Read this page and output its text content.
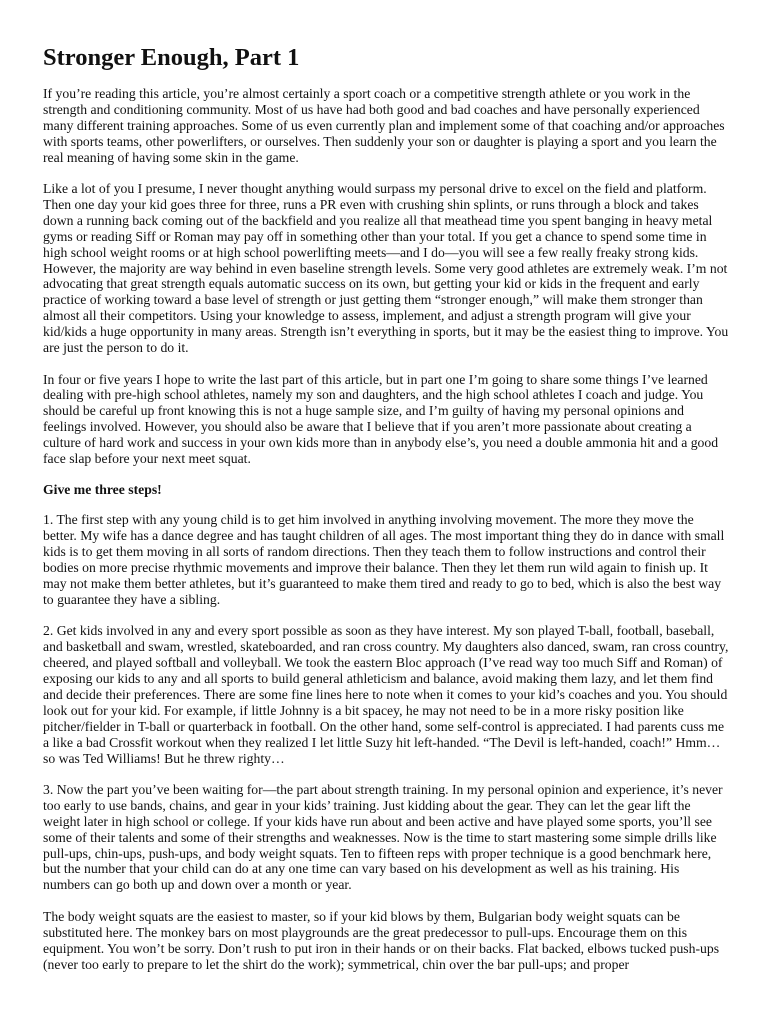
Stronger Enough, Part 1

If you’re reading this article, you’re almost certainly a sport coach or a competitive strength athlete or you work in the strength and conditioning community. Most of us have had both good and bad coaches and have personally experienced many different training approaches. Some of us even currently plan and implement some of that coaching and/or approaches with sports teams, other powerlifters, or ourselves. Then suddenly your son or daughter is playing a sport and you learn the real meaning of having some skin in the game.

Like a lot of you I presume, I never thought anything would surpass my personal drive to excel on the field and platform. Then one day your kid goes three for three, runs a PR even with crushing shin splints, or runs through a block and takes down a running back coming out of the backfield and you realize all that meathead time you spent banging in heavy metal gyms or reading Siff or Roman may pay off in something other than your total. If you get a chance to spend some time in high school weight rooms or at high school powerlifting meets—and I do—you will see a few really freaky strong kids. However, the majority are way behind in even baseline strength levels. Some very good athletes are extremely weak. I’m not advocating that great strength equals automatic success on its own, but getting your kid or kids in the frequent and early practice of working toward a base level of strength or just getting them “stronger enough,” will make them stronger than almost all their competitors. Using your knowledge to assess, implement, and adjust a strength program will give your kid/kids a huge opportunity in many areas. Strength isn’t everything in sports, but it may be the easiest thing to improve. You are just the person to do it.

In four or five years I hope to write the last part of this article, but in part one I’m going to share some things I’ve learned dealing with pre-high school athletes, namely my son and daughters, and the high school athletes I coach and judge. You should be careful up front knowing this is not a huge sample size, and I’m guilty of having my personal opinions and feelings involved. However, you should also be aware that I believe that if you aren’t more passionate about creating a culture of hard work and success in your own kids more than in anybody else’s, you need a double ammonia hit and a good face slap before your next meet squat.

Give me three steps!

1. The first step with any young child is to get him involved in anything involving movement. The more they move the better. My wife has a dance degree and has taught children of all ages. The most important thing they do in dance with small kids is to get them moving in all sorts of random directions. Then they teach them to follow instructions and control their bodies on more precise rhythmic movements and improve their balance. Then they let them run wild again to finish up. It may not make them better athletes, but it’s guaranteed to make them tired and ready to go to bed, which is also the best way to guarantee they have a sibling.

2. Get kids involved in any and every sport possible as soon as they have interest. My son played T-ball, football, baseball, and basketball and swam, wrestled, skateboarded, and ran cross country. My daughters also danced, swam, ran cross country, cheered, and played softball and volleyball. We took the eastern Bloc approach (I’ve read way too much Siff and Roman) of exposing our kids to any and all sports to build general athleticism and balance, avoid making them lazy, and let them find and decide their preferences. There are some fine lines here to note when it comes to your kid’s coaches and you. You should look out for your kid. For example, if little Johnny is a bit spacey, he may not need to be in a more risky position like pitcher/fielder in T-ball or quarterback in football. On the other hand, some self-control is appreciated. I had parents cuss me a like a bad Crossfit workout when they realized I let little Suzy hit left-handed. “The Devil is left-handed, coach!” Hmm…so was Ted Williams! But he threw righty…

3. Now the part you’ve been waiting for—the part about strength training. In my personal opinion and experience, it’s never too early to use bands, chains, and gear in your kids’ training. Just kidding about the gear. They can let the gear lift the weight later in high school or college. If your kids have run about and been active and have played some sports, you’ll see some of their talents and some of their strengths and weaknesses. Now is the time to start mastering some simple drills like pull-ups, chin-ups, push-ups, and body weight squats. Ten to fifteen reps with proper technique is a good benchmark here, but the number that your child can do at any one time can vary based on his development as well as his training. His numbers can go both up and down over a month or year.

The body weight squats are the easiest to master, so if your kid blows by them, Bulgarian body weight squats can be substituted here. The monkey bars on most playgrounds are the great predecessor to pull-ups. Encourage them on this equipment. You won’t be sorry. Don’t rush to put iron in their hands or on their backs. Flat backed, elbows tucked push-ups (never too early to prepare to let the shirt do the work); symmetrical, chin over the bar pull-ups; and proper
